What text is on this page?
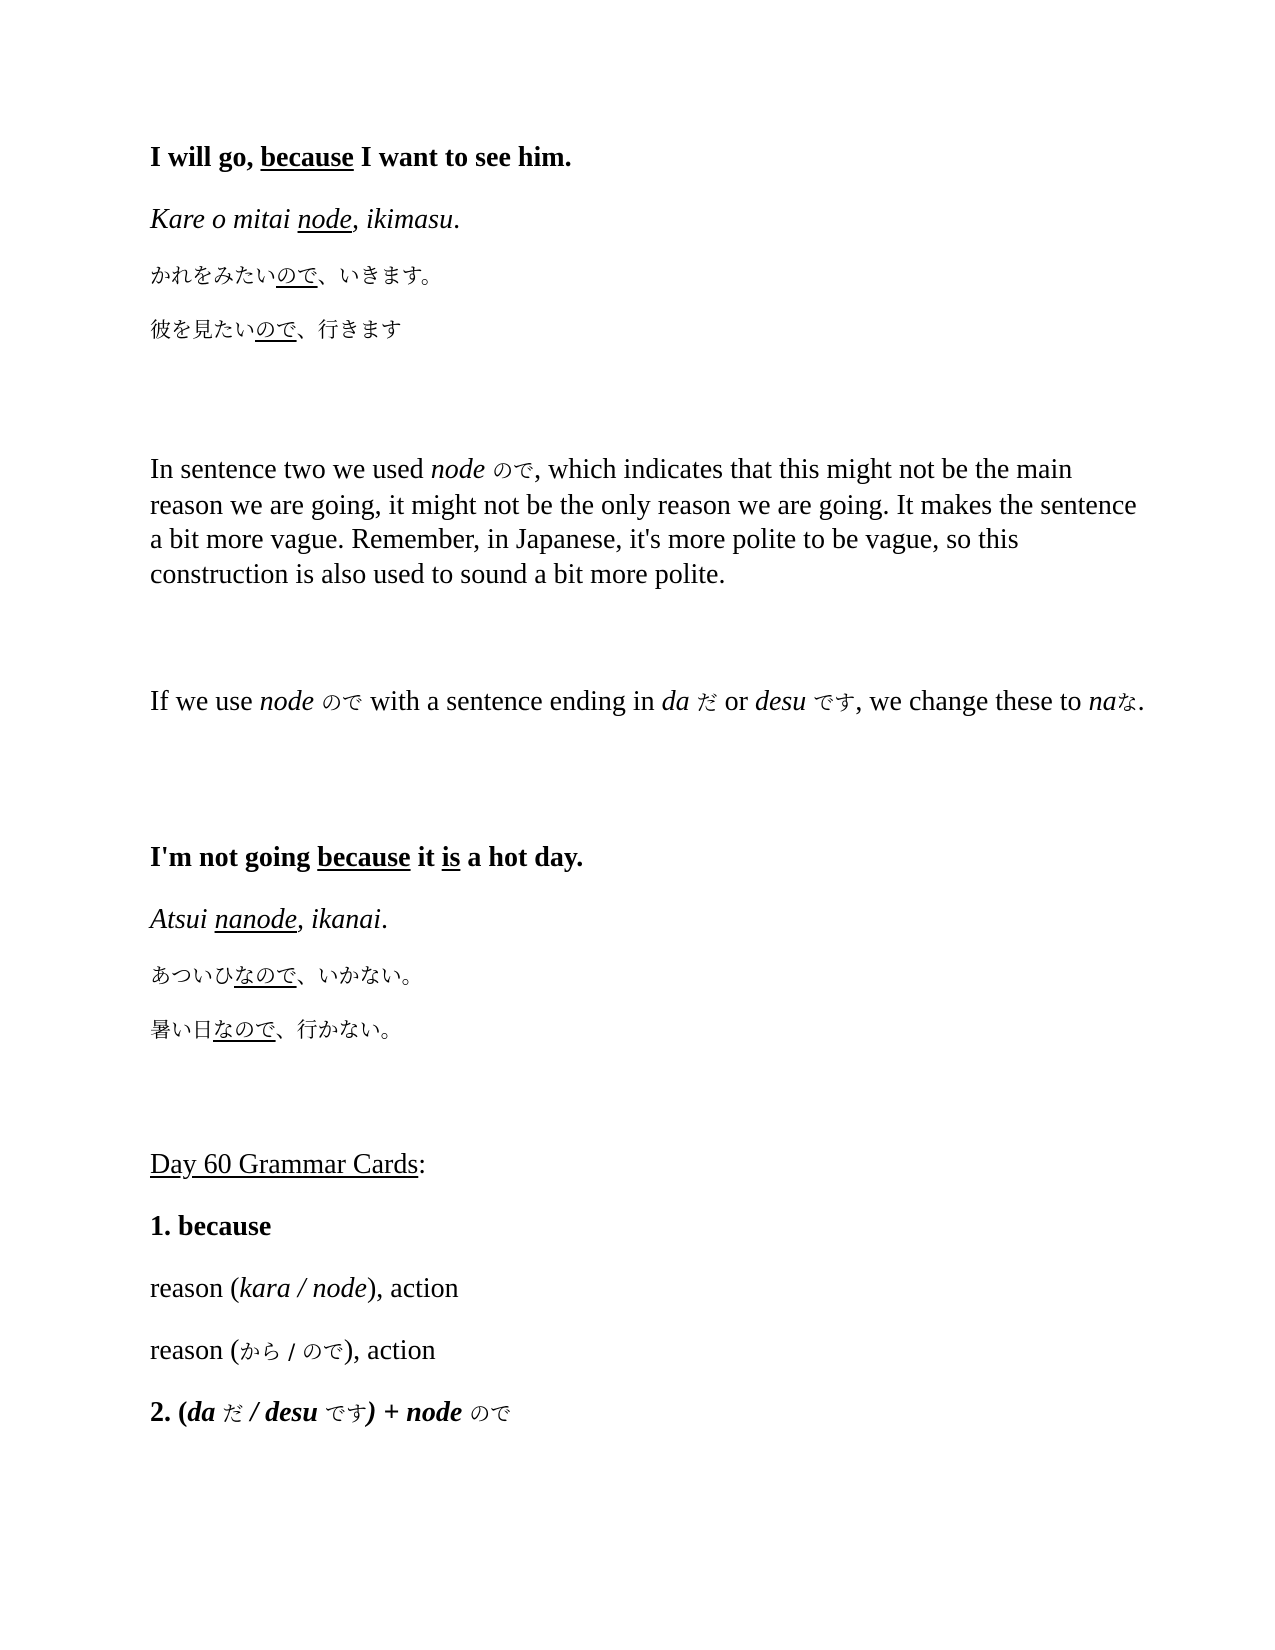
I will go, because I want to see him.

Kare o mitai node, ikimasu.

かれをみたいので、いきます。

彼を見たいので、行きます

In sentence two we used node ので, which indicates that this might not be the main reason we are going, it might not be the only reason we are going. It makes the sentence a bit more vague. Remember, in Japanese, it's more polite to be vague, so this construction is also used to sound a bit more polite.

If we use node ので with a sentence ending in da だ or desu です, we change these to naな.

I'm not going because it is a hot day.

Atsui nanode, ikanai.

あついひなので、いかない。

暑い日なので、行かない。

Day 60 Grammar Cards:

1. because

reason (kara / node), action

reason (から / ので), action

2. (da だ / desu です) + node ので
